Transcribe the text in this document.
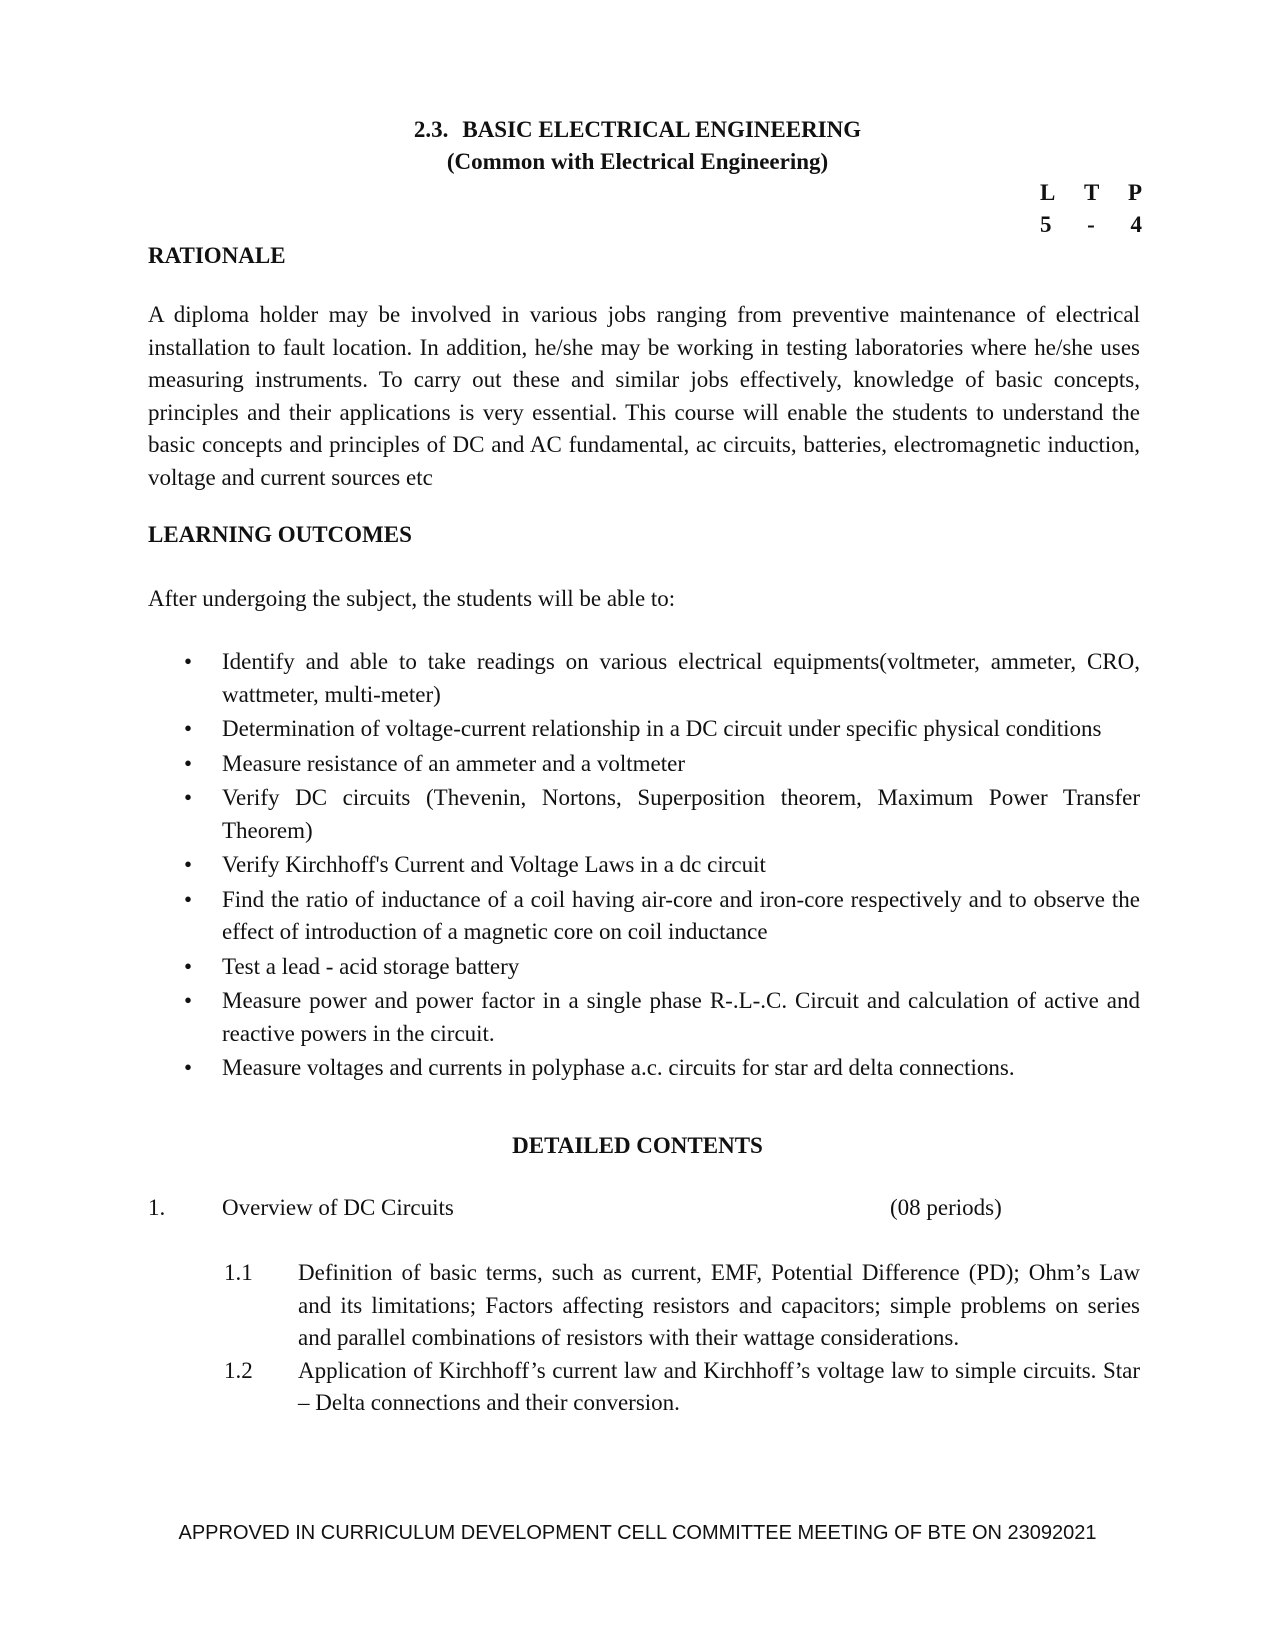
2.3. BASIC ELECTRICAL ENGINEERING
(Common with Electrical Engineering)
L T P
5 - 4
RATIONALE
A diploma holder may be involved in various jobs ranging from preventive maintenance of electrical installation to fault location. In addition, he/she may be working in testing laboratories where he/she uses measuring instruments. To carry out these and similar jobs effectively, knowledge of basic concepts, principles and their applications is very essential. This course will enable the students to understand the basic concepts and principles of DC and AC fundamental, ac circuits, batteries, electromagnetic induction, voltage and current sources etc
LEARNING OUTCOMES
After undergoing the subject, the students will be able to:
• Identify and able to take readings on various electrical equipments(voltmeter, ammeter, CRO, wattmeter, multi-meter)
• Determination of voltage-current relationship in a DC circuit under specific physical conditions
• Measure resistance of an ammeter and a voltmeter
• Verify DC circuits (Thevenin, Nortons, Superposition theorem, Maximum Power Transfer Theorem)
• Verify Kirchhoff's Current and Voltage Laws in a dc circuit
• Find the ratio of inductance of a coil having air-core and iron-core respectively and to observe the effect of introduction of a magnetic core on coil inductance
• Test a lead - acid storage battery
• Measure power and power factor in a single phase R-.L-.C. Circuit and calculation of active and reactive powers in the circuit.
• Measure voltages and currents in polyphase a.c. circuits for star ard delta connections.
DETAILED CONTENTS
1. Overview of DC Circuits	(08 periods)
1.1 Definition of basic terms, such as current, EMF, Potential Difference (PD); Ohm’s Law and its limitations; Factors affecting resistors and capacitors; simple problems on series and parallel combinations of resistors with their wattage considerations.
1.2 Application of Kirchhoff’s current law and Kirchhoff’s voltage law to simple circuits. Star – Delta connections and their conversion.
APPROVED IN CURRICULUM DEVELOPMENT CELL COMMITTEE MEETING OF BTE ON 23092021
